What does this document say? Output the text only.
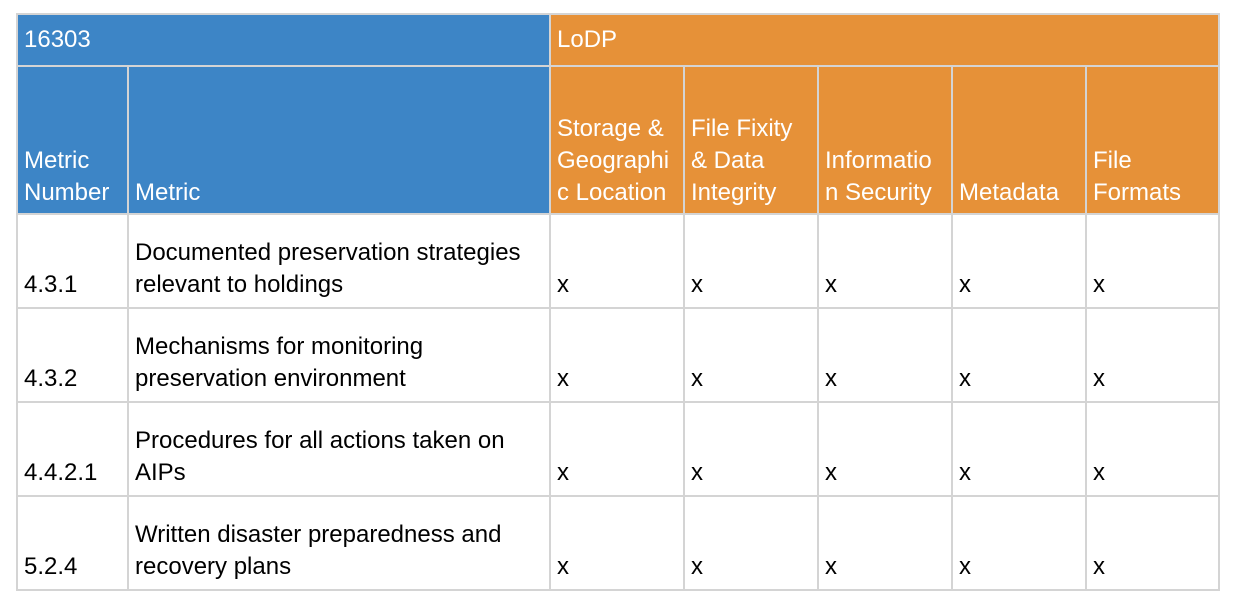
16303		LoDP				
Metric Number	Metric	Storage & Geographic Location	File Fixity & Data Integrity	Information Security	Metadata	File Formats
4.3.1	Documented preservation strategies relevant to holdings	x	x	x	x	x
4.3.2	Mechanisms for monitoring preservation environment	x	x	x	x	x
4.4.2.1	Procedures for all actions taken on AIPs	x	x	x	x	x
5.2.4	Written disaster preparedness and recovery plans	x	x	x	x	x
